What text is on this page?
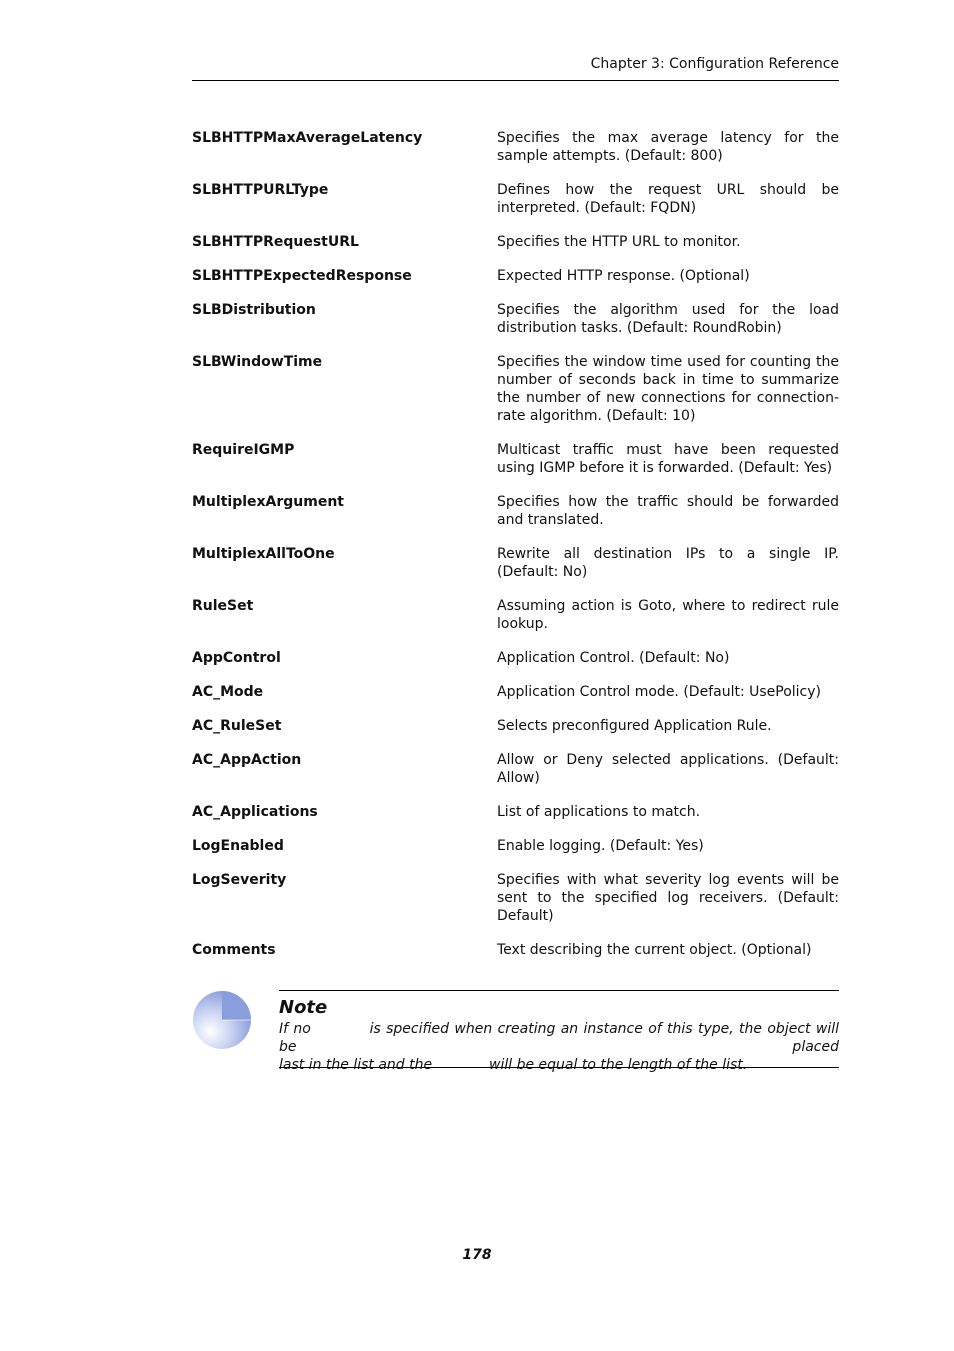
Chapter 3: Configuration Reference
SLBHTTPMaxAverageLatency	Specifies the max average latency for the sample attempts. (Default: 800)
SLBHTTPURLType	Defines how the request URL should be interpreted. (Default: FQDN)
SLBHTTPRequestURL	Specifies the HTTP URL to monitor.
SLBHTTPExpectedResponse	Expected HTTP response. (Optional)
SLBDistribution	Specifies the algorithm used for the load distribution tasks. (Default: RoundRobin)
SLBWindowTime	Specifies the window time used for counting the number of seconds back in time to summarize the number of new connections for connection-rate algorithm. (Default: 10)
RequireIGMP	Multicast traffic must have been requested using IGMP before it is forwarded. (Default: Yes)
MultiplexArgument	Specifies how the traffic should be forwarded and translated.
MultiplexAllToOne	Rewrite all destination IPs to a single IP. (Default: No)
RuleSet	Assuming action is Goto, where to redirect rule lookup.
AppControl	Application Control. (Default: No)
AC_Mode	Application Control mode. (Default: UsePolicy)
AC_RuleSet	Selects preconfigured Application Rule.
AC_AppAction	Allow or Deny selected applications. (Default: Allow)
AC_Applications	List of applications to match.
LogEnabled	Enable logging. (Default: Yes)
LogSeverity	Specifies with what severity log events will be sent to the specified log receivers. (Default: Default)
Comments	Text describing the current object. (Optional)
Note
If no	is specified when creating an instance of this type, the object will be placed
last in the list and the	will be equal to the length of the list.
178
